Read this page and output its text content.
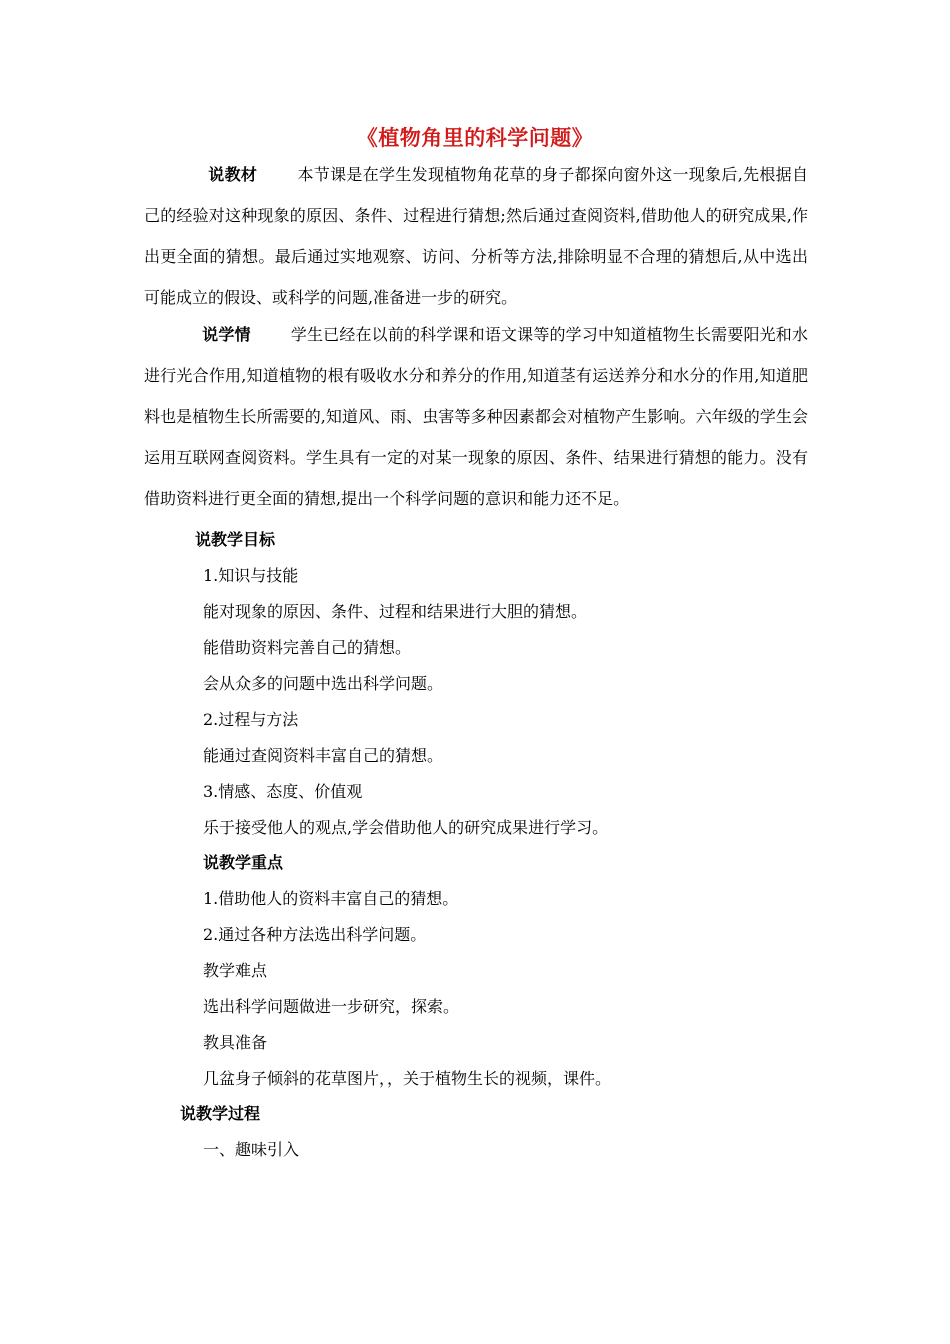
《植物角里的科学问题》

说教材	本节课是在学生发现植物角花草的身子都探向窗外这一现象后,先根据自己的经验对这种现象的原因、条件、过程进行猜想;然后通过查阅资料,借助他人的研究成果,作出更全面的猜想。最后通过实地观察、访问、分析等方法,排除明显不合理的猜想后,从中选出可能成立的假设、或科学的问题,准备进一步的研究。

说学情	学生已经在以前的科学课和语文课等的学习中知道植物生长需要阳光和水进行光合作用,知道植物的根有吸收水分和养分的作用,知道茎有运送养分和水分的作用,知道肥料也是植物生长所需要的,知道风、雨、虫害等多种因素都会对植物产生影响。六年级的学生会运用互联网查阅资料。学生具有一定的对某一现象的原因、条件、结果进行猜想的能力。没有借助资料进行更全面的猜想,提出一个科学问题的意识和能力还不足。

说教学目标
1.知识与技能
能对现象的原因、条件、过程和结果进行大胆的猜想。
能借助资料完善自己的猜想。
会从众多的问题中选出科学问题。
2.过程与方法
能通过查阅资料丰富自己的猜想。
3.情感、态度、价值观
乐于接受他人的观点,学会借助他人的研究成果进行学习。
说教学重点
1.借助他人的资料丰富自己的猜想。
2.通过各种方法选出科学问题。
教学难点
选出科学问题做进一步研究，探索。
教具准备
几盆身子倾斜的花草图片，，关于植物生长的视频，课件。
说教学过程
一、趣味引入
